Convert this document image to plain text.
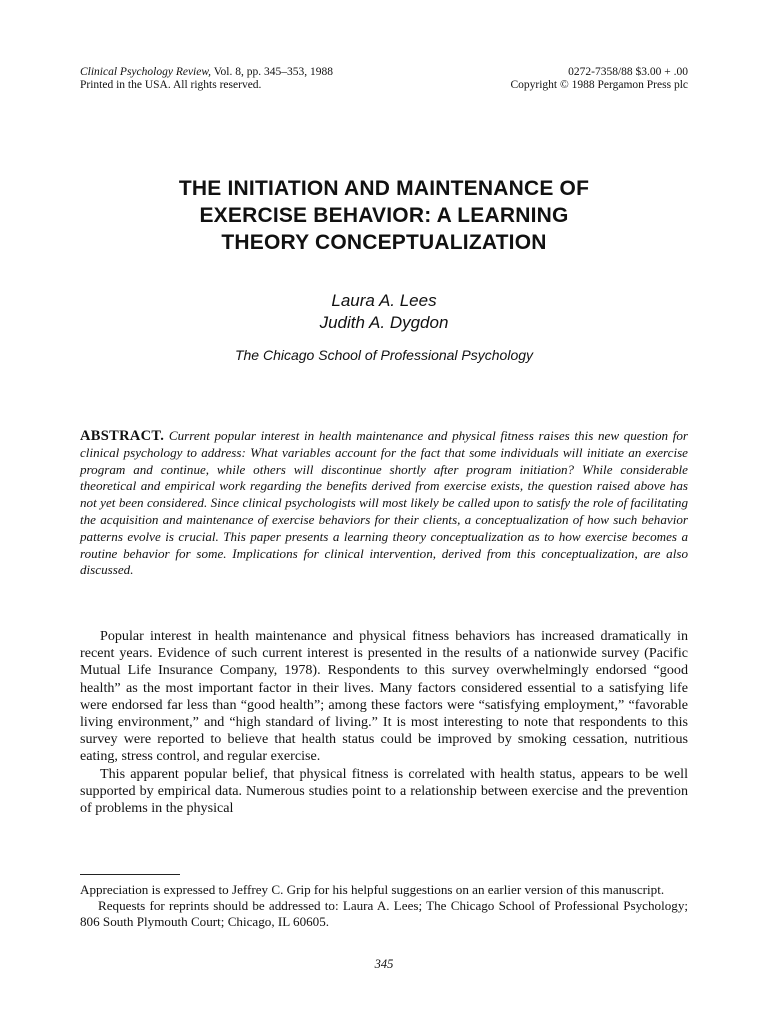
Clinical Psychology Review, Vol. 8, pp. 345–353, 1988
Printed in the USA. All rights reserved.
0272-7358/88 $3.00 + .00
Copyright © 1988 Pergamon Press plc
THE INITIATION AND MAINTENANCE OF
EXERCISE BEHAVIOR: A LEARNING
THEORY CONCEPTUALIZATION
Laura A. Lees
Judith A. Dygdon
The Chicago School of Professional Psychology

ABSTRACT. Current popular interest in health maintenance and physical fitness raises this new question for clinical psychology to address: What variables account for the fact that some individuals will initiate an exercise program and continue, while others will discontinue shortly after program initiation? While considerable theoretical and empirical work regarding the benefits derived from exercise exists, the question raised above has not yet been considered. Since clinical psychologists will most likely be called upon to satisfy the role of facilitating the acquisition and maintenance of exercise behaviors for their clients, a conceptualization of how such behavior patterns evolve is crucial. This paper presents a learning theory conceptualization as to how exercise becomes a routine behavior for some. Implications for clinical intervention, derived from this conceptualization, are also discussed.

Popular interest in health maintenance and physical fitness behaviors has increased dramatically in recent years. Evidence of such current interest is presented in the results of a nationwide survey (Pacific Mutual Life Insurance Company, 1978). Respondents to this survey overwhelmingly endorsed “good health” as the most important factor in their lives. Many factors considered essential to a satisfying life were endorsed far less than “good health”; among these factors were “satisfying employment,” “favorable living environment,” and “high standard of living.” It is most interesting to note that respondents to this survey were reported to believe that health status could be improved by smoking cessation, nutritious eating, stress control, and regular exercise.

This apparent popular belief, that physical fitness is correlated with health status, appears to be well supported by empirical data. Numerous studies point to a relationship between exercise and the prevention of problems in the physical

Appreciation is expressed to Jeffrey C. Grip for his helpful suggestions on an earlier version of this manuscript.

Requests for reprints should be addressed to: Laura A. Lees; The Chicago School of Professional Psychology; 806 South Plymouth Court; Chicago, IL 60605.

345
